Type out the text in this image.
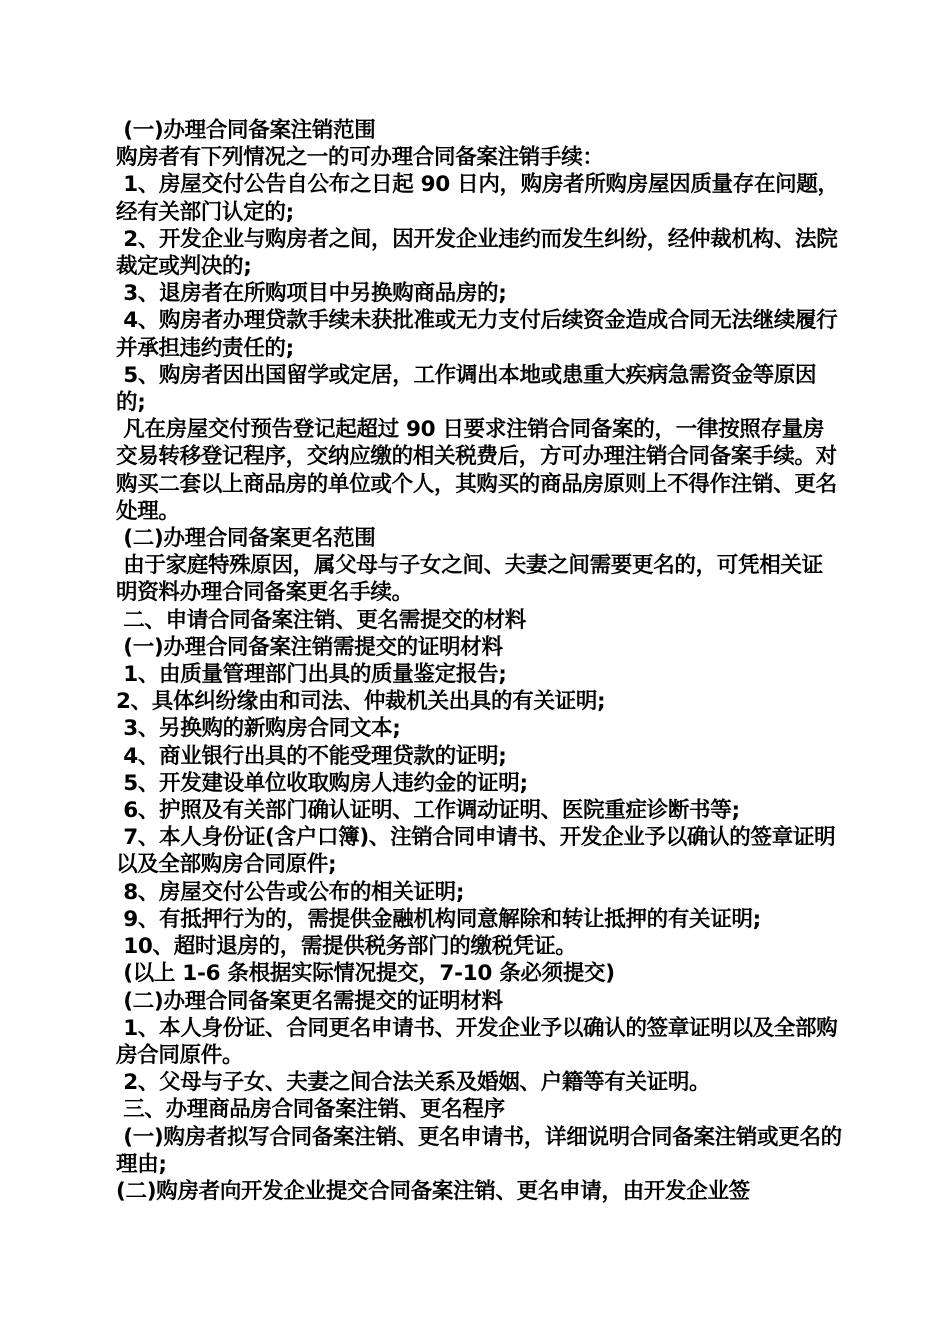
(一)办理合同备案注销范围

购房者有下列情况之一的可办理合同备案注销手续：

1、房屋交付公告自公布之日起 90 日内，购房者所购房屋因质量存在问题，经有关部门认定的;

2、开发企业与购房者之间，因开发企业违约而发生纠纷，经仲裁机构、法院裁定或判决的;

3、退房者在所购项目中另换购商品房的;

4、购房者办理贷款手续未获批准或无力支付后续资金造成合同无法继续履行并承担违约责任的;

5、购房者因出国留学或定居，工作调出本地或患重大疾病急需资金等原因的;

凡在房屋交付预告登记起超过 90 日要求注销合同备案的，一律按照存量房交易转移登记程序，交纳应缴的相关税费后，方可办理注销合同备案手续。对购买二套以上商品房的单位或个人，其购买的商品房原则上不得作注销、更名处理。

(二)办理合同备案更名范围

由于家庭特殊原因，属父母与子女之间、夫妻之间需要更名的，可凭相关证明资料办理合同备案更名手续。

二、申请合同备案注销、更名需提交的材料

(一)办理合同备案注销需提交的证明材料

1、由质量管理部门出具的质量鉴定报告;

2、具体纠纷缘由和司法、仲裁机关出具的有关证明;

3、另换购的新购房合同文本;

4、商业银行出具的不能受理贷款的证明;

5、开发建设单位收取购房人违约金的证明;

6、护照及有关部门确认证明、工作调动证明、医院重症诊断书等;

7、本人身份证(含户口簿)、注销合同申请书、开发企业予以确认的签章证明以及全部购房合同原件;

8、房屋交付公告或公布的相关证明;

9、有抵押行为的，需提供金融机构同意解除和转让抵押的有关证明;

10、超时退房的，需提供税务部门的缴税凭证。

(以上 1-6 条根据实际情况提交，7-10 条必须提交)

(二)办理合同备案更名需提交的证明材料

1、本人身份证、合同更名申请书、开发企业予以确认的签章证明以及全部购房合同原件。

2、父母与子女、夫妻之间合法关系及婚姻、户籍等有关证明。

三、办理商品房合同备案注销、更名程序

(一)购房者拟写合同备案注销、更名申请书，详细说明合同备案注销或更名的理由;

(二)购房者向开发企业提交合同备案注销、更名申请，由开发企业签
